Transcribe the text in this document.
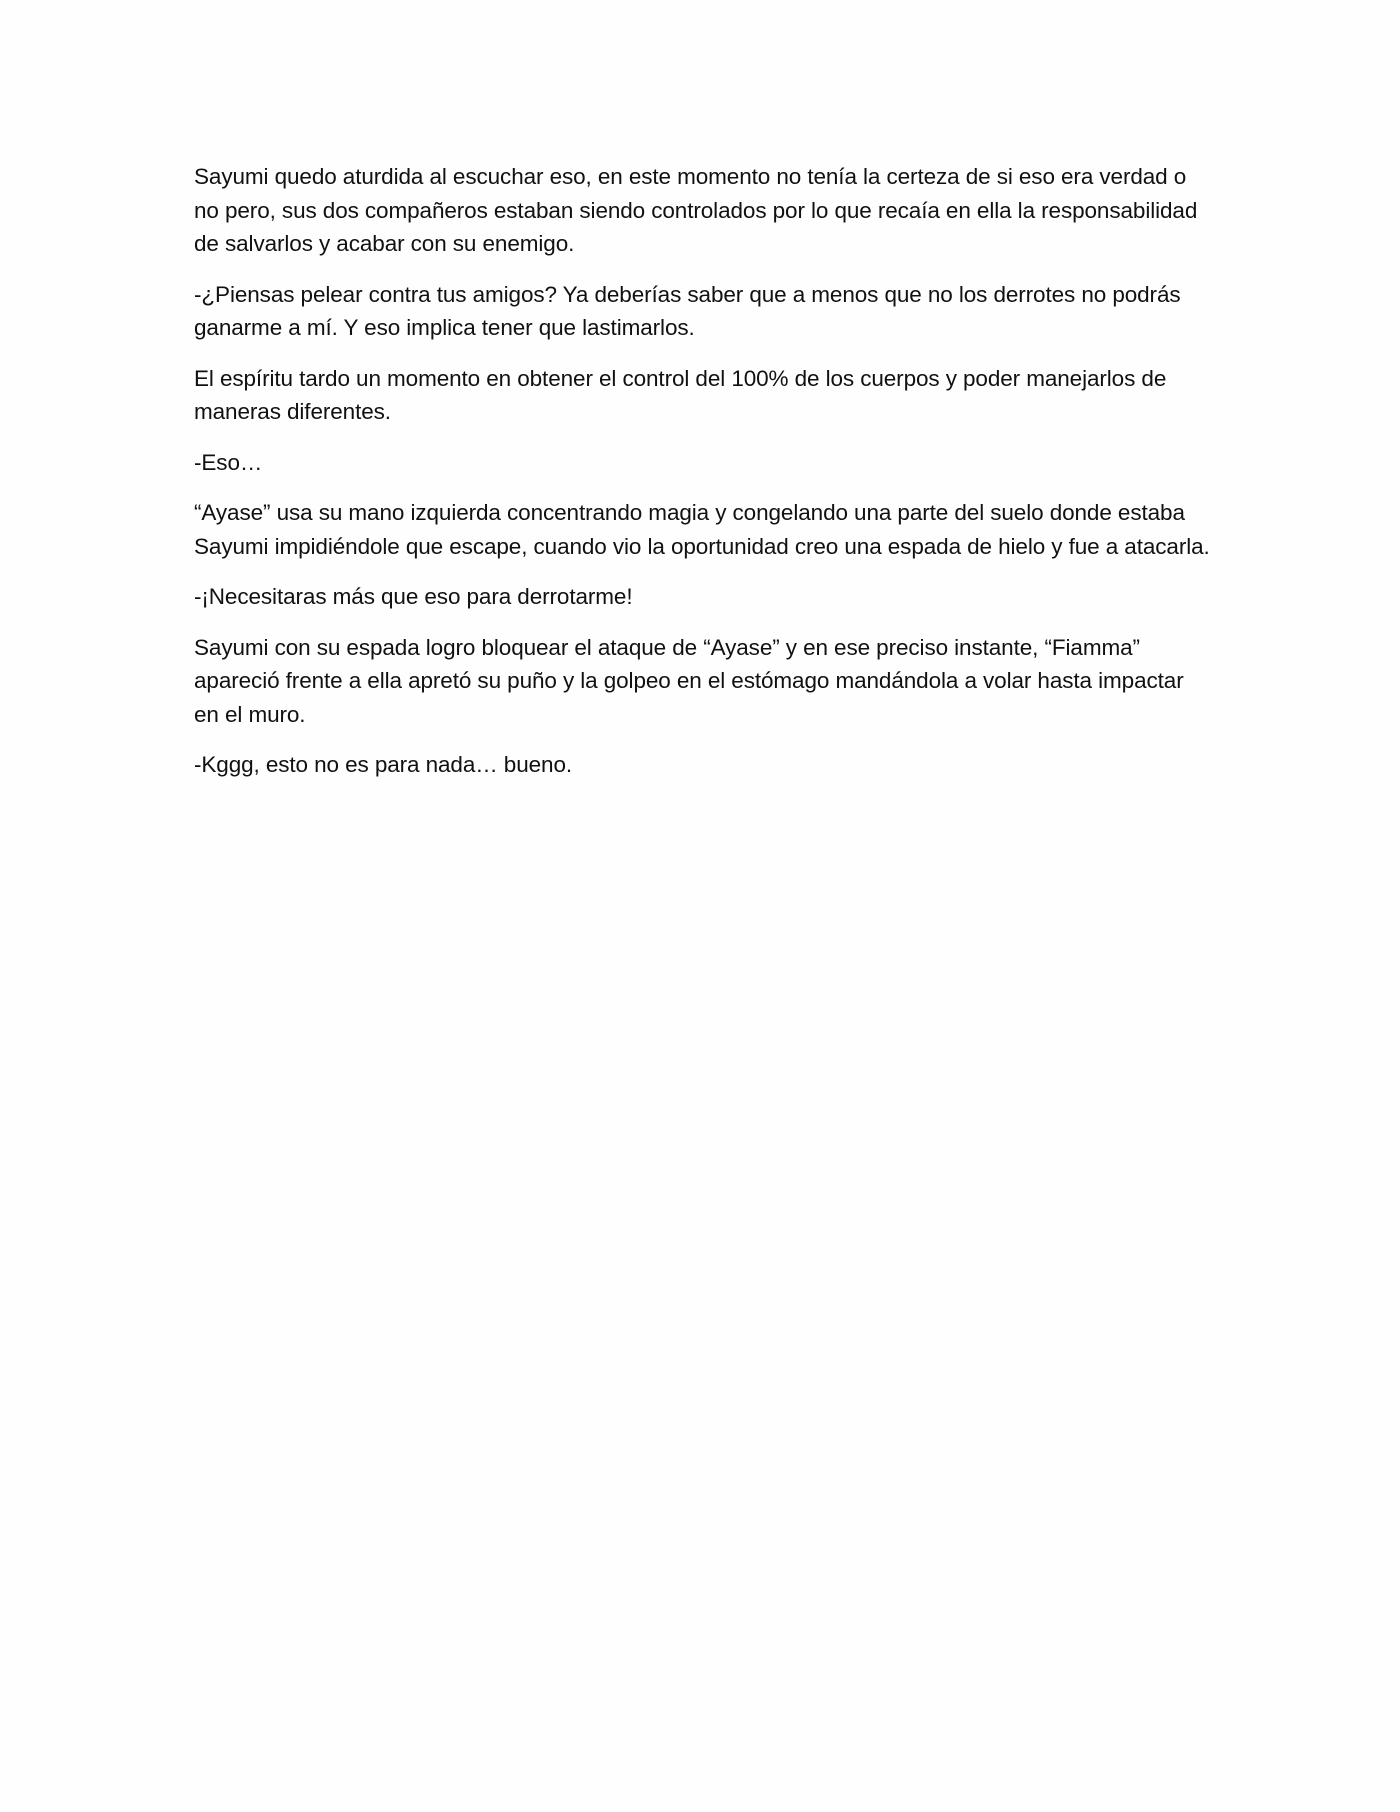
Sayumi quedo aturdida al escuchar eso, en este momento no tenía la certeza de si eso era verdad o no pero, sus dos compañeros estaban siendo controlados por lo que recaía en ella la responsabilidad de salvarlos y acabar con su enemigo.

-¿Piensas pelear contra tus amigos? Ya deberías saber que a menos que no los derrotes no podrás ganarme a mí. Y eso implica tener que lastimarlos.

El espíritu tardo un momento en obtener el control del 100% de los cuerpos y poder manejarlos de maneras diferentes.

-Eso…

“Ayase” usa su mano izquierda concentrando magia y congelando una parte del suelo donde estaba Sayumi impidiéndole que escape, cuando vio la oportunidad creo una espada de hielo y fue a atacarla.

-¡Necesitaras más que eso para derrotarme!

Sayumi con su espada logro bloquear el ataque de “Ayase” y en ese preciso instante, “Fiamma” apareció frente a ella apretó su puño y la golpeo en el estómago mandándola a volar hasta impactar en el muro.

-Kggg, esto no es para nada… bueno.
